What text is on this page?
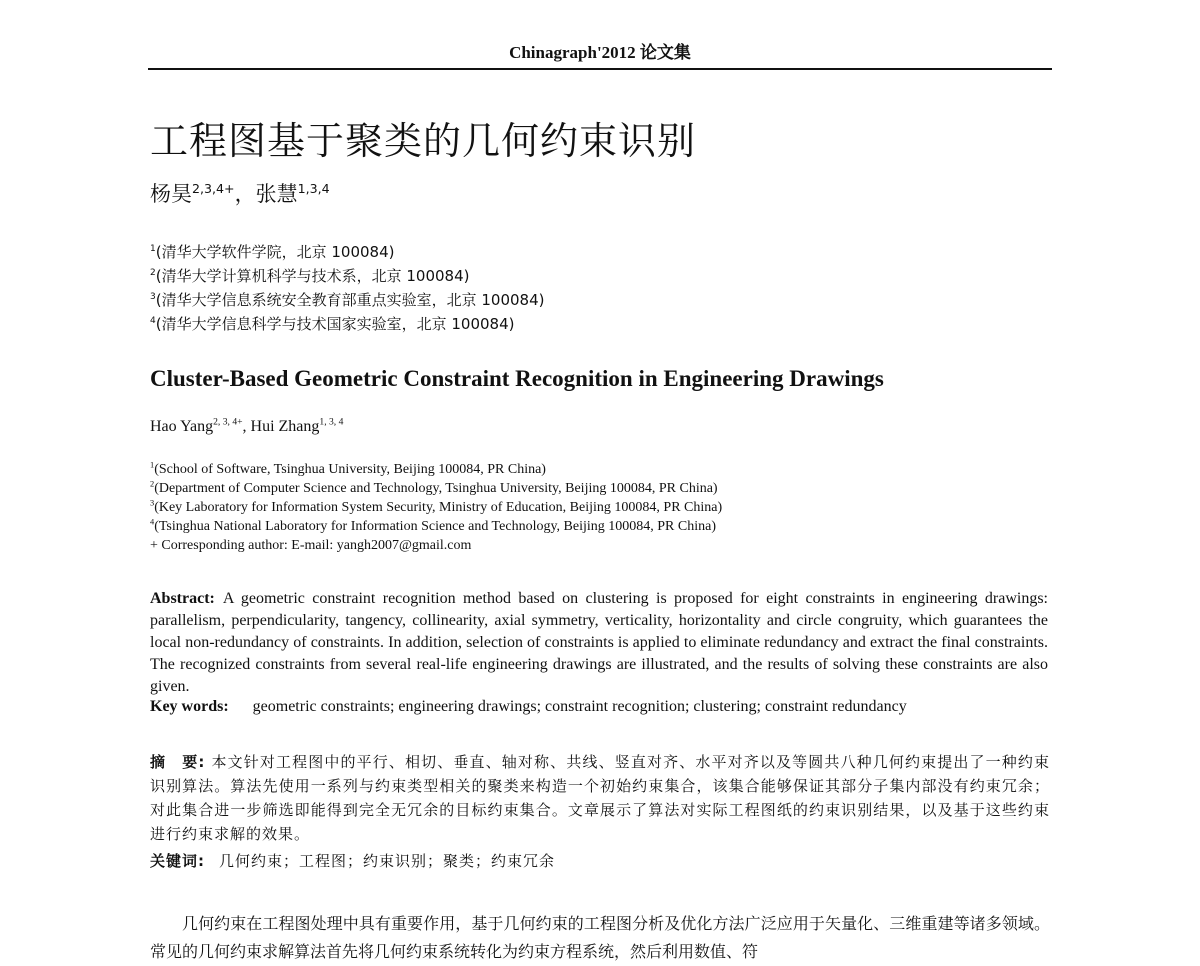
Chinagraph'2012 论文集
工程图基于聚类的几何约束识别
杨昊$^{2,3,4+}$，张慧$^{1,3,4}$
$^1$(清华大学软件学院，北京 100084)
$^2$(清华大学计算机科学与技术系，北京 100084)
$^3$(清华大学信息系统安全教育部重点实验室，北京 100084)
$^4$(清华大学信息科学与技术国家实验室，北京 100084)
Cluster-Based Geometric Constraint Recognition in Engineering Drawings
Hao Yang$^{2, 3, 4+}$, Hui Zhang$^{1, 3, 4}$
$^1$(School of Software, Tsinghua University, Beijing 100084, PR China)
$^2$(Department of Computer Science and Technology, Tsinghua University, Beijing 100084, PR China)
$^3$(Key Laboratory for Information System Security, Ministry of Education, Beijing 100084, PR China)
$^4$(Tsinghua National Laboratory for Information Science and Technology, Beijing 100084, PR China)
+ Corresponding author: E-mail: yangh2007@gmail.com
Abstract: A geometric constraint recognition method based on clustering is proposed for eight constraints in engineering drawings: parallelism, perpendicularity, tangency, collinearity, axial symmetry, verticality, horizontality and circle congruity, which guarantees the local non-redundancy of constraints. In addition, selection of constraints is applied to eliminate redundancy and extract the final constraints. The recognized constraints from several real-life engineering drawings are illustrated, and the results of solving these constraints are also given.
Key words: geometric constraints; engineering drawings; constraint recognition; clustering; constraint redundancy
摘　要: 本文针对工程图中的平行、相切、垂直、轴对称、共线、竖直对齐、水平对齐以及等圆共八种几何约束提出了一种约束识别算法。算法先使用一系列与约束类型相关的聚类来构造一个初始约束集合，该集合能够保证其部分子集内部没有约束冗余；对此集合进一步筛选即能得到完全无冗余的目标约束集合。文章展示了算法对实际工程图纸的约束识别结果，以及基于这些约束进行约束求解的效果。
关键词: 几何约束；工程图；约束识别；聚类；约束冗余
几何约束在工程图处理中具有重要作用，基于几何约束的工程图分析及优化方法广泛应用于矢量化、三维重建等诸多领域。常见的几何约束求解算法首先将几何约束系统转化为约束方程系统，然后利用数值、符
